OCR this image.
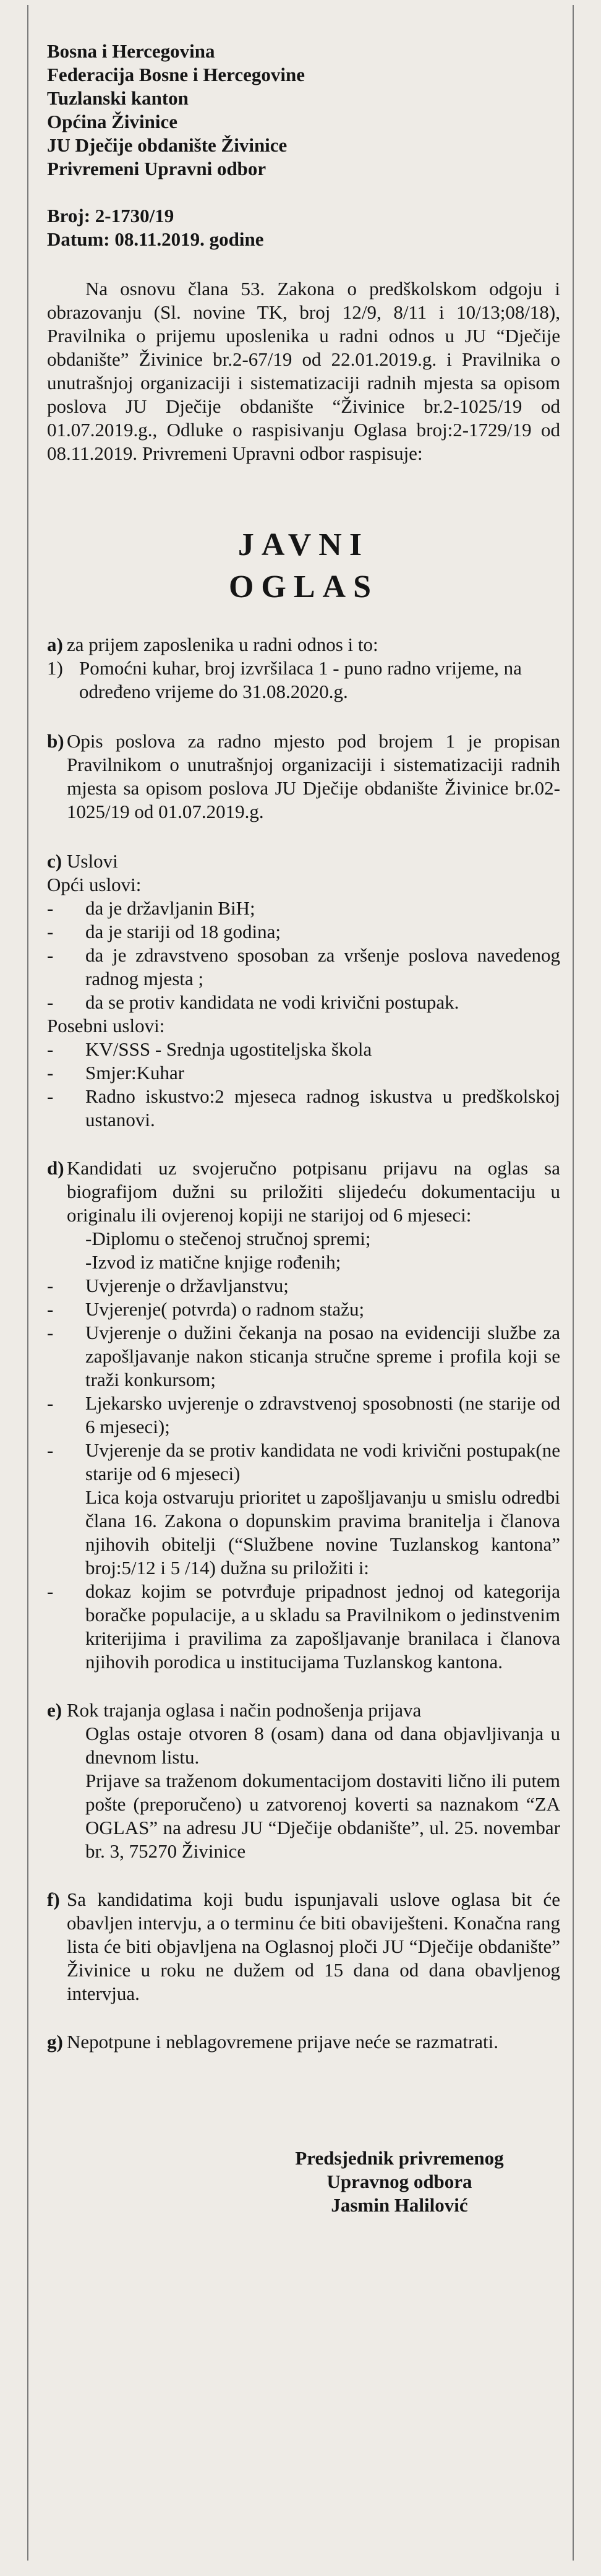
Bosna i Hercegovina

Federacija Bosne i Hercegovine

Tuzlanski kanton

Općina Živinice

JU Dječije obdanište Živinice

Privremeni Upravni odbor

Broj: 2-1730/19

Datum: 08.11.2019. godine

Na osnovu člana 53. Zakona o predškolskom odgoju i obrazovanju (Sl. novine TK, broj 12/9, 8/11 i 10/13;08/18), Pravilnika o prijemu uposlenika u radni odnos u JU “Dječije obdanište” Živinice br.2-67/19 od 22.01.2019.g. i Pravilnika o unutrašnjoj organizaciji i sistematizaciji radnih mjesta sa opisom poslova JU Dječije obdanište “Živinice br.2-1025/19 od 01.07.2019.g., Odluke o raspisivanju Oglasa broj:2-1729/19 od 08.11.2019. Privremeni Upravni odbor raspisuje:
JAVNI
OGLAS
a) za prijem zaposlenika u radni odnos i to:
1) Pomoćni kuhar, broj izvršilaca 1 - puno radno vrijeme, na određeno vrijeme do 31.08.2020.g.
b) Opis poslova za radno mjesto pod brojem 1 je propisan Pravilnikom o unutrašnjoj organizaciji i sistematizaciji radnih mjesta sa opisom poslova JU Dječije obdanište Živinice br.02-1025/19 od 01.07.2019.g.
c) Uslovi

Opći uslovi:

-	da je državljanin BiH;
-	da je stariji od 18 godina;
-	da je zdravstveno sposoban za vršenje poslova navedenog radnog mjesta ;
-	da se protiv kandidata ne vodi krivični postupak.

Posebni uslovi:

-	KV/SSS - Srednja ugostiteljska škola
-	Smjer:Kuhar
-	Radno iskustvo:2 mjeseca radnog iskustva u predškolskoj ustanovi.
d) Kandidati uz svojeručno potpisanu prijavu na oglas sa biografijom dužni su priložiti slijedeću dokumentaciju u originalu ili ovjerenoj kopiji ne starijoj od 6 mjeseci:
-Diplomu o stečenoj stručnoj spremi;
-Izvod iz matične knjige rođenih;
-	Uvjerenje o državljanstvu;
-	Uvjerenje( potvrda) o radnom stažu;
-	Uvjerenje o dužini čekanja na posao na evidenciji službe za zapošljavanje nakon sticanja stručne spreme i profila koji se traži konkursom;
-	Ljekarsko uvjerenje o zdravstvenoj sposobnosti (ne starije od 6 mjeseci);
-	Uvjerenje da se protiv kandidata ne vodi krivični postupak(ne starije od 6 mjeseci)
Lica koja ostvaruju prioritet u zapošljavanju u smislu odredbi člana 16. Zakona o dopunskim pravima branitelja i članova njihovih obitelji (“Službene novine Tuzlanskog kantona” broj:5/12 i 5 /14) dužna su priložiti i:
-	dokaz kojim se potvrđuje pripadnost jednoj od kategorija boračke populacije, a u skladu sa Pravilnikom o jedinstvenim kriterijima i pravilima za zapošljavanje branilaca i članova njihovih porodica u institucijama Tuzlanskog kantona.
e) Rok trajanja oglasa i način podnošenja prijava
Oglas ostaje otvoren 8 (osam) dana od dana objavljivanja u dnevnom listu.
Prijave sa traženom dokumentacijom dostaviti lično ili putem pošte (preporučeno) u zatvorenoj koverti sa naznakom “ZA OGLAS” na adresu JU “Dječije obdanište”, ul. 25. novembar br. 3, 75270 Živinice
f) Sa kandidatima koji budu ispunjavali uslove oglasa bit će obavljen intervju, a o terminu će biti obaviješteni. Konačna rang lista će biti objavljena na Oglasnoj ploči JU “Dječije obdanište” Živinice u roku ne dužem od 15 dana od dana obavljenog intervjua.
g) Nepotpune i neblagovremene prijave neće se razmatrati.

Predsjednik privremenog

Upravnog odbora

Jasmin Halilović
